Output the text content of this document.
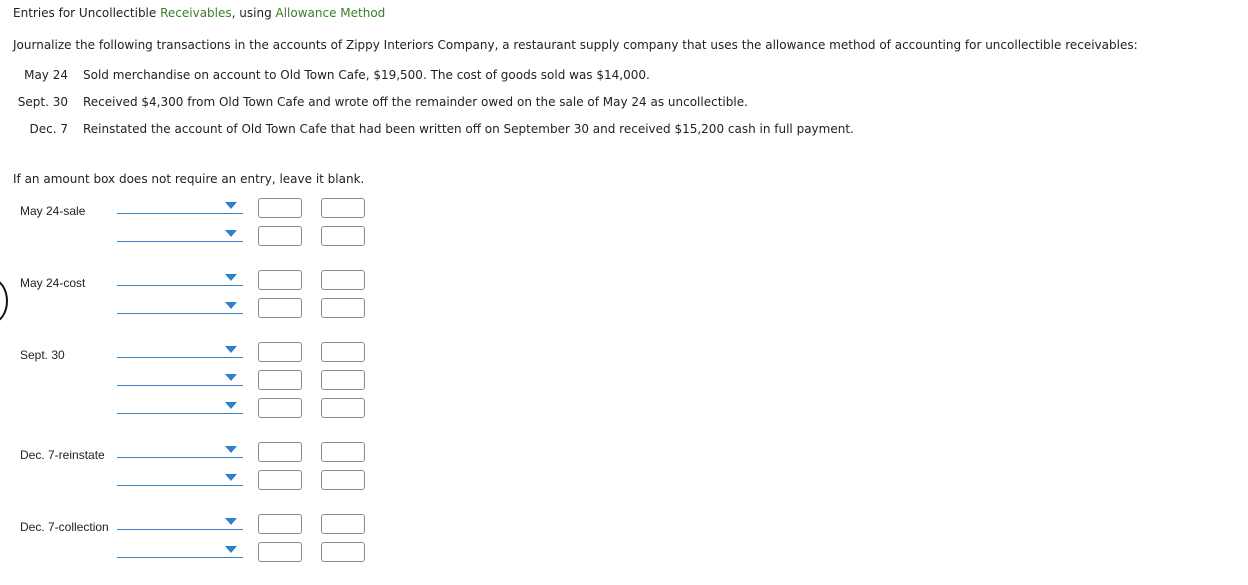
Entries for Uncollectible Receivables, using Allowance Method
Journalize the following transactions in the accounts of Zippy Interiors Company, a restaurant supply company that uses the allowance method of accounting for uncollectible receivables:
May 24 Sold merchandise on account to Old Town Cafe, $19,500. The cost of goods sold was $14,000.
Sept. 30 Received $4,300 from Old Town Cafe and wrote off the remainder owed on the sale of May 24 as uncollectible.
Dec. 7 Reinstated the account of Old Town Cafe that had been written off on September 30 and received $15,200 cash in full payment.
If an amount box does not require an entry, leave it blank.
May 24-sale
May 24-cost
Sept. 30
Dec. 7-reinstate
Dec. 7-collection
